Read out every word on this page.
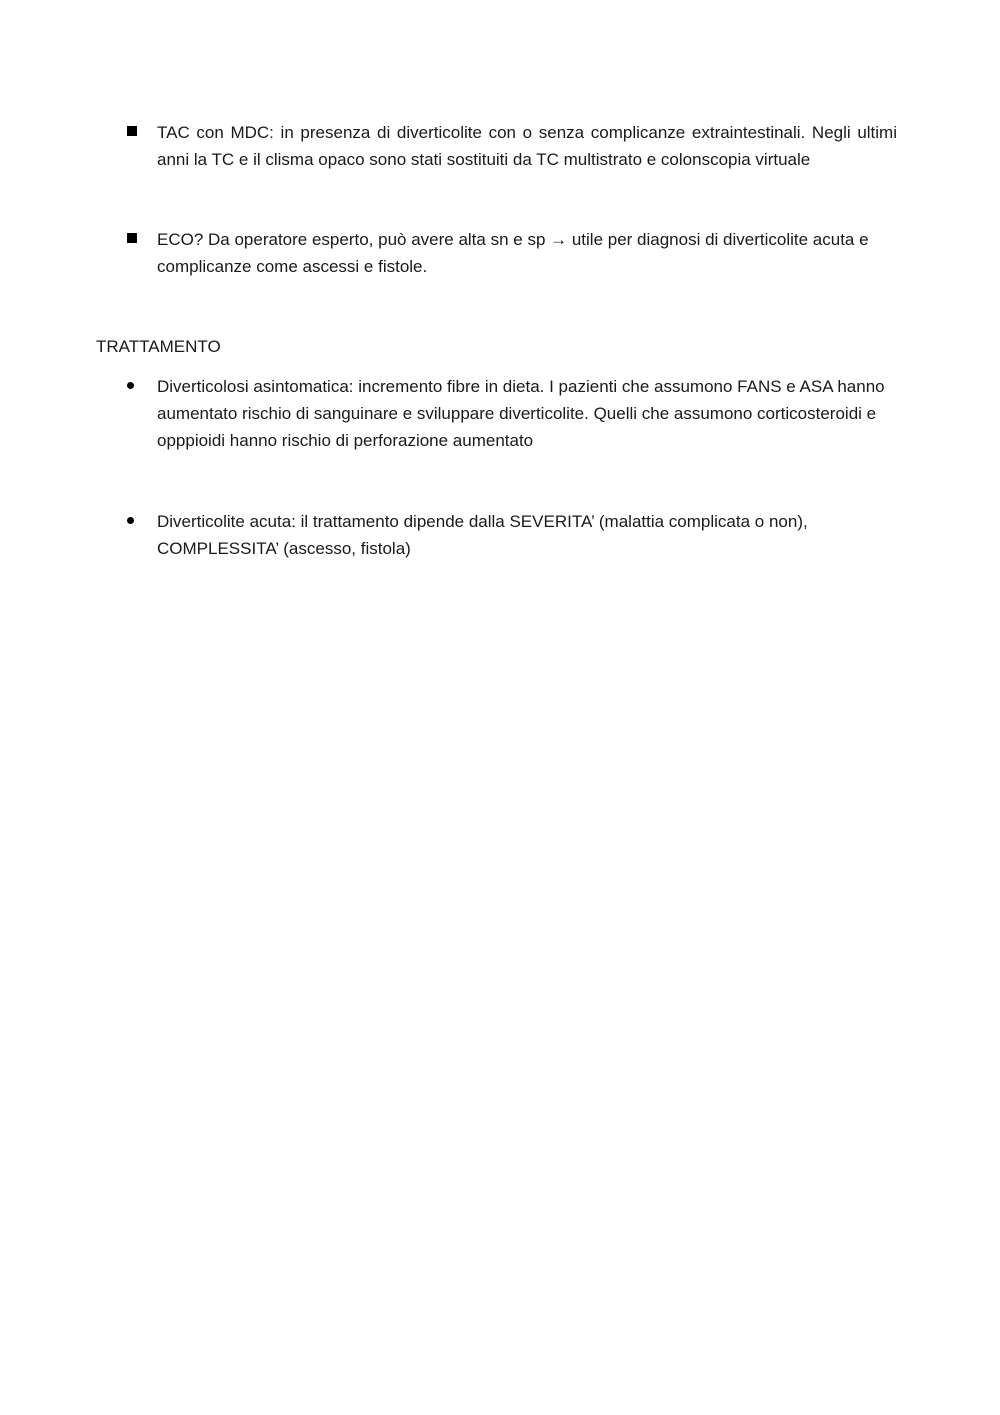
TAC con MDC: in presenza di diverticolite con o senza complicanze extraintestinali. Negli ultimi anni la TC e il clisma opaco sono stati sostituiti da TC multistrato e colonscopia virtuale
ECO? Da operatore esperto, può avere alta sn e sp → utile per diagnosi di diverticolite acuta e complicanze come ascessi e fistole.
TRATTAMENTO
Diverticolosi asintomatica: incremento fibre in dieta. I pazienti che assumono FANS e ASA hanno aumentato rischio di sanguinare e sviluppare diverticolite. Quelli che assumono corticosteroidi e opppioidi hanno rischio di perforazione aumentato
Diverticolite acuta: il trattamento dipende dalla SEVERITA’ (malattia complicata o non), COMPLESSITA’ (ascesso, fistola)
